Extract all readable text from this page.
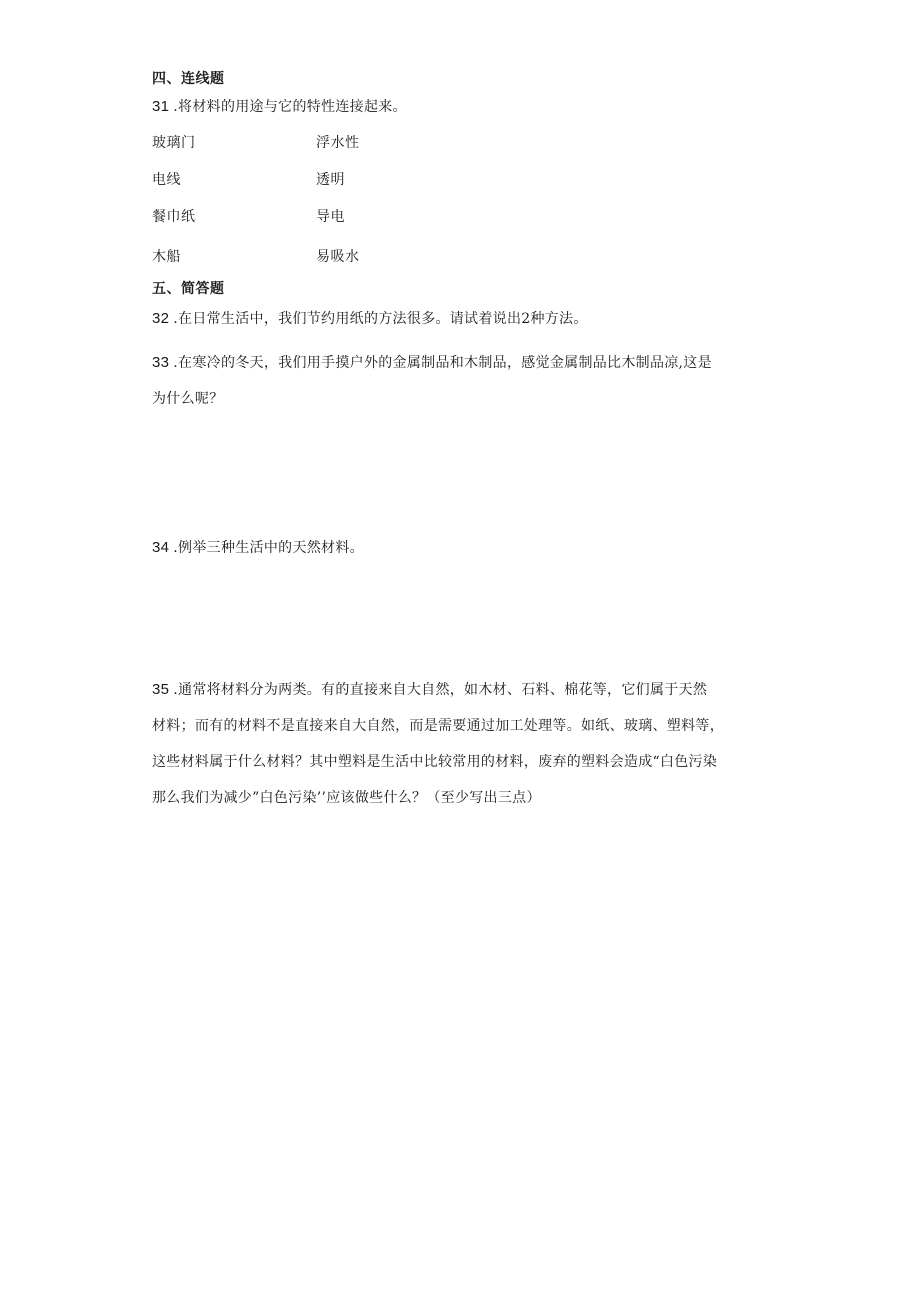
四、连线题
31 .将材料的用途与它的特性连接起来。
玻璃门
电线
餐巾纸
木船
浮水性
透明
导电
易吸水
五、简答题
32 .在日常生活中，我们节约用纸的方法很多。请试着说出2种方法。
33 .在寒冷的冬天，我们用手摸户外的金属制品和木制品，感觉金属制品比木制品凉,这是
为什么呢？
34 .例举三种生活中的天然材料。
35 .通常将材料分为两类。有的直接来自大自然，如木材、石料、棉花等，它们属于天然
材料；而有的材料不是直接来自大自然，而是需要通过加工处理等。如纸、玻璃、塑料等，
这些材料属于什么材料？其中塑料是生活中比较常用的材料，废弃的塑料会造成“白色污染
那么我们为减少”白色污染’’应该做些什么？（至少写出三点）
